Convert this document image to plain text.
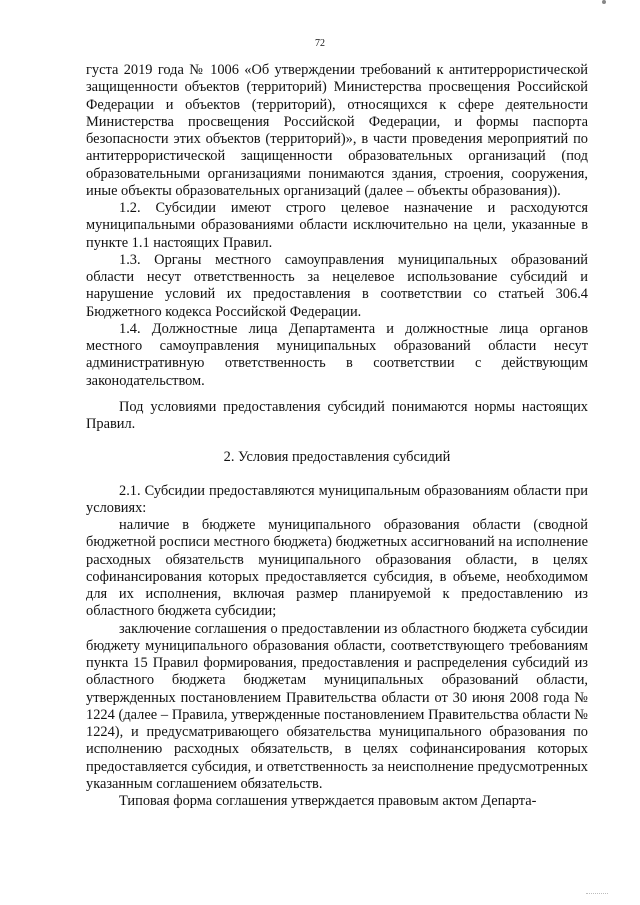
72

густа 2019 года № 1006 «Об утверждении требований к антитеррористической защищенности объектов (территорий) Министерства просвещения Российской Федерации и объектов (территорий), относящихся к сфере деятельности Министерства просвещения Российской Федерации, и формы паспорта безопасности этих объектов (территорий)», в части проведения мероприятий по антитеррористической защищенности образовательных организаций (под образовательными организациями понимаются здания, строения, сооружения, иные объекты образовательных организаций (далее – объекты образования)).

1.2. Субсидии имеют строго целевое назначение и расходуются муниципальными образованиями области исключительно на цели, указанные в пункте 1.1 настоящих Правил.

1.3. Органы местного самоуправления муниципальных образований области несут ответственность за нецелевое использование субсидий и нарушение условий их предоставления в соответствии со статьей 306.4 Бюджетного кодекса Российской Федерации.

1.4. Должностные лица Департамента и должностные лица органов местного самоуправления муниципальных образований области несут административную ответственность в соответствии с действующим законодательством.

Под условиями предоставления субсидий понимаются нормы настоящих Правил.

2. Условия предоставления субсидий

2.1. Субсидии предоставляются муниципальным образованиям области при условиях:

наличие в бюджете муниципального образования области (сводной бюджетной росписи местного бюджета) бюджетных ассигнований на исполнение расходных обязательств муниципального образования области, в целях софинансирования которых предоставляется субсидия, в объеме, необходимом для их исполнения, включая размер планируемой к предоставлению из областного бюджета субсидии;

заключение соглашения о предоставлении из областного бюджета субсидии бюджету муниципального образования области, соответствующего требованиям пункта 15 Правил формирования, предоставления и распределения субсидий из областного бюджета бюджетам муниципальных образований области, утвержденных постановлением Правительства области от 30 июня 2008 года № 1224 (далее – Правила, утвержденные постановлением Правительства области № 1224), и предусматривающего обязательства муниципального образования по исполнению расходных обязательств, в целях софинансирования которых предоставляется субсидия, и ответственность за неисполнение предусмотренных указанным соглашением обязательств.

Типовая форма соглашения утверждается правовым актом Департа-
